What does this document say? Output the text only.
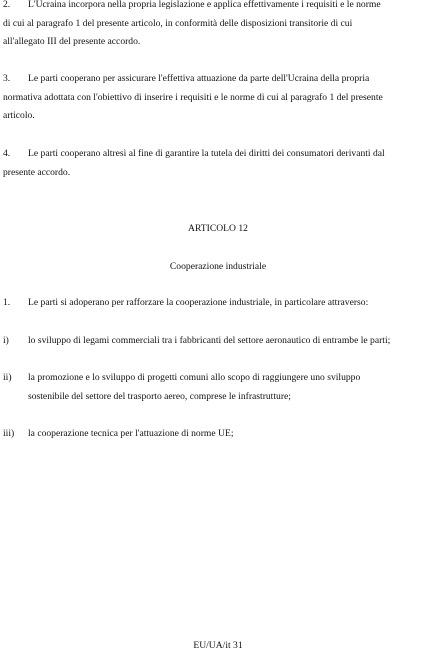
2. L'Ucraina incorpora nella propria legislazione e applica effettivamente i requisiti e le norme
di cui al paragrafo 1 del presente articolo, in conformità delle disposizioni transitorie di cui
all'allegato III del presente accordo.
3. Le parti cooperano per assicurare l'effettiva attuazione da parte dell'Ucraina della propria
normativa adottata con l'obiettivo di inserire i requisiti e le norme di cui al paragrafo 1 del presente
articolo.
4. Le parti cooperano altresì al fine di garantire la tutela dei diritti dei consumatori derivanti dal
presente accordo.
ARTICOLO 12
Cooperazione industriale
1. Le parti si adoperano per rafforzare la cooperazione industriale, in particolare attraverso:
i) lo sviluppo di legami commerciali tra i fabbricanti del settore aeronautico di entrambe le parti;
ii) la promozione e lo sviluppo di progetti comuni allo scopo di raggiungere uno sviluppo
sostenibile del settore del trasporto aereo, comprese le infrastrutture;
iii) la cooperazione tecnica per l'attuazione di norme UE;
EU/UA/it 31
